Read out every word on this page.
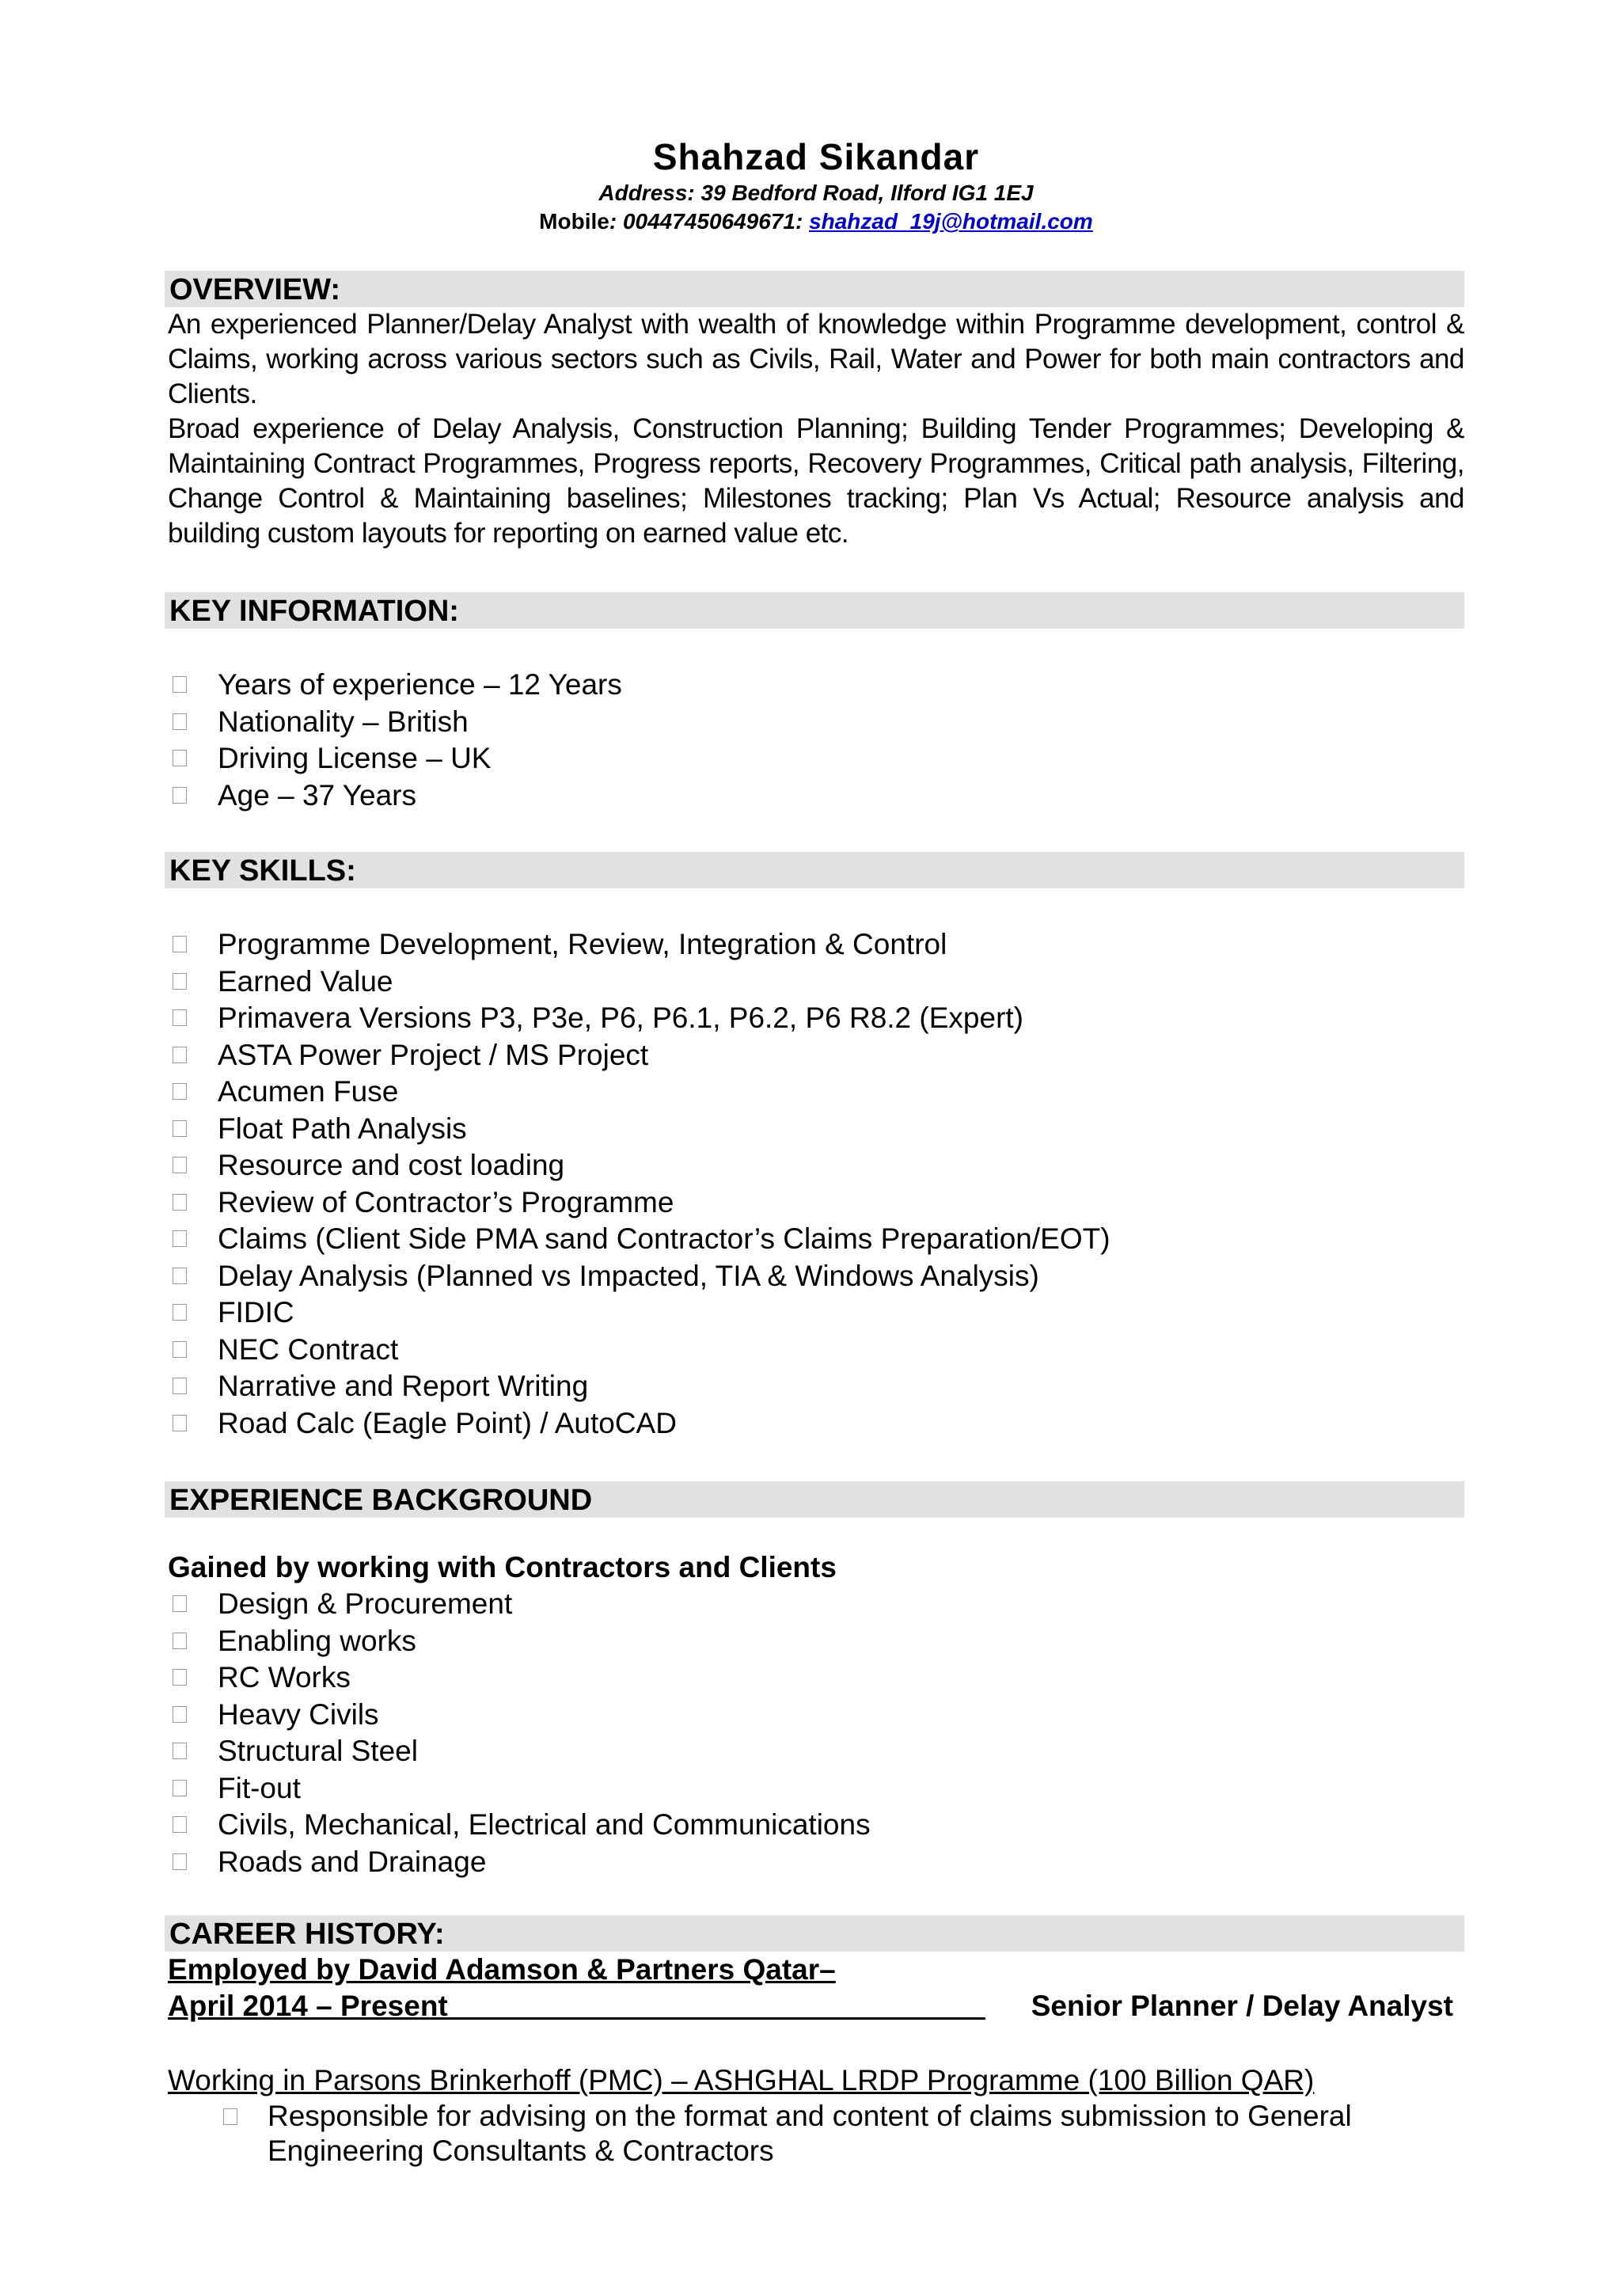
Shahzad Sikandar
Address: 39 Bedford Road, Ilford IG1 1EJ
Mobile: 00447450649671: shahzad_19j@hotmail.com
OVERVIEW:
An experienced Planner/Delay Analyst with wealth of knowledge within Programme development, control & Claims, working across various sectors such as Civils, Rail, Water and Power for both main contractors and Clients.
Broad experience of Delay Analysis, Construction Planning; Building Tender Programmes; Developing & Maintaining Contract Programmes, Progress reports, Recovery Programmes, Critical path analysis, Filtering, Change Control & Maintaining baselines; Milestones tracking; Plan Vs Actual; Resource analysis and building custom layouts for reporting on earned value etc.
KEY INFORMATION:
Years of experience – 12 Years
Nationality – British
Driving License – UK
Age – 37 Years
KEY SKILLS:
Programme Development, Review, Integration & Control
Earned Value
Primavera Versions P3, P3e, P6, P6.1, P6.2, P6 R8.2 (Expert)
ASTA Power Project / MS Project
Acumen Fuse
Float Path Analysis
Resource and cost loading
Review of Contractor’s Programme
Claims (Client Side PMA sand Contractor’s Claims Preparation/EOT)
Delay Analysis (Planned vs Impacted, TIA & Windows Analysis)
FIDIC
NEC Contract
Narrative and Report Writing
Road Calc (Eagle Point) / AutoCAD
EXPERIENCE BACKGROUND
Gained by working with Contractors and Clients
Design & Procurement
Enabling works
RC Works
Heavy Civils
Structural Steel
Fit-out
Civils, Mechanical, Electrical and Communications
Roads and Drainage
CAREER HISTORY:
Employed by David Adamson & Partners Qatar–
April 2014 – Present_________________________________ Senior Planner / Delay Analyst
Working in Parsons Brinkerhoff (PMC) – ASHGHAL LRDP Programme (100 Billion QAR)
Responsible for advising on the format and content of claims submission to General Engineering Consultants & Contractors
